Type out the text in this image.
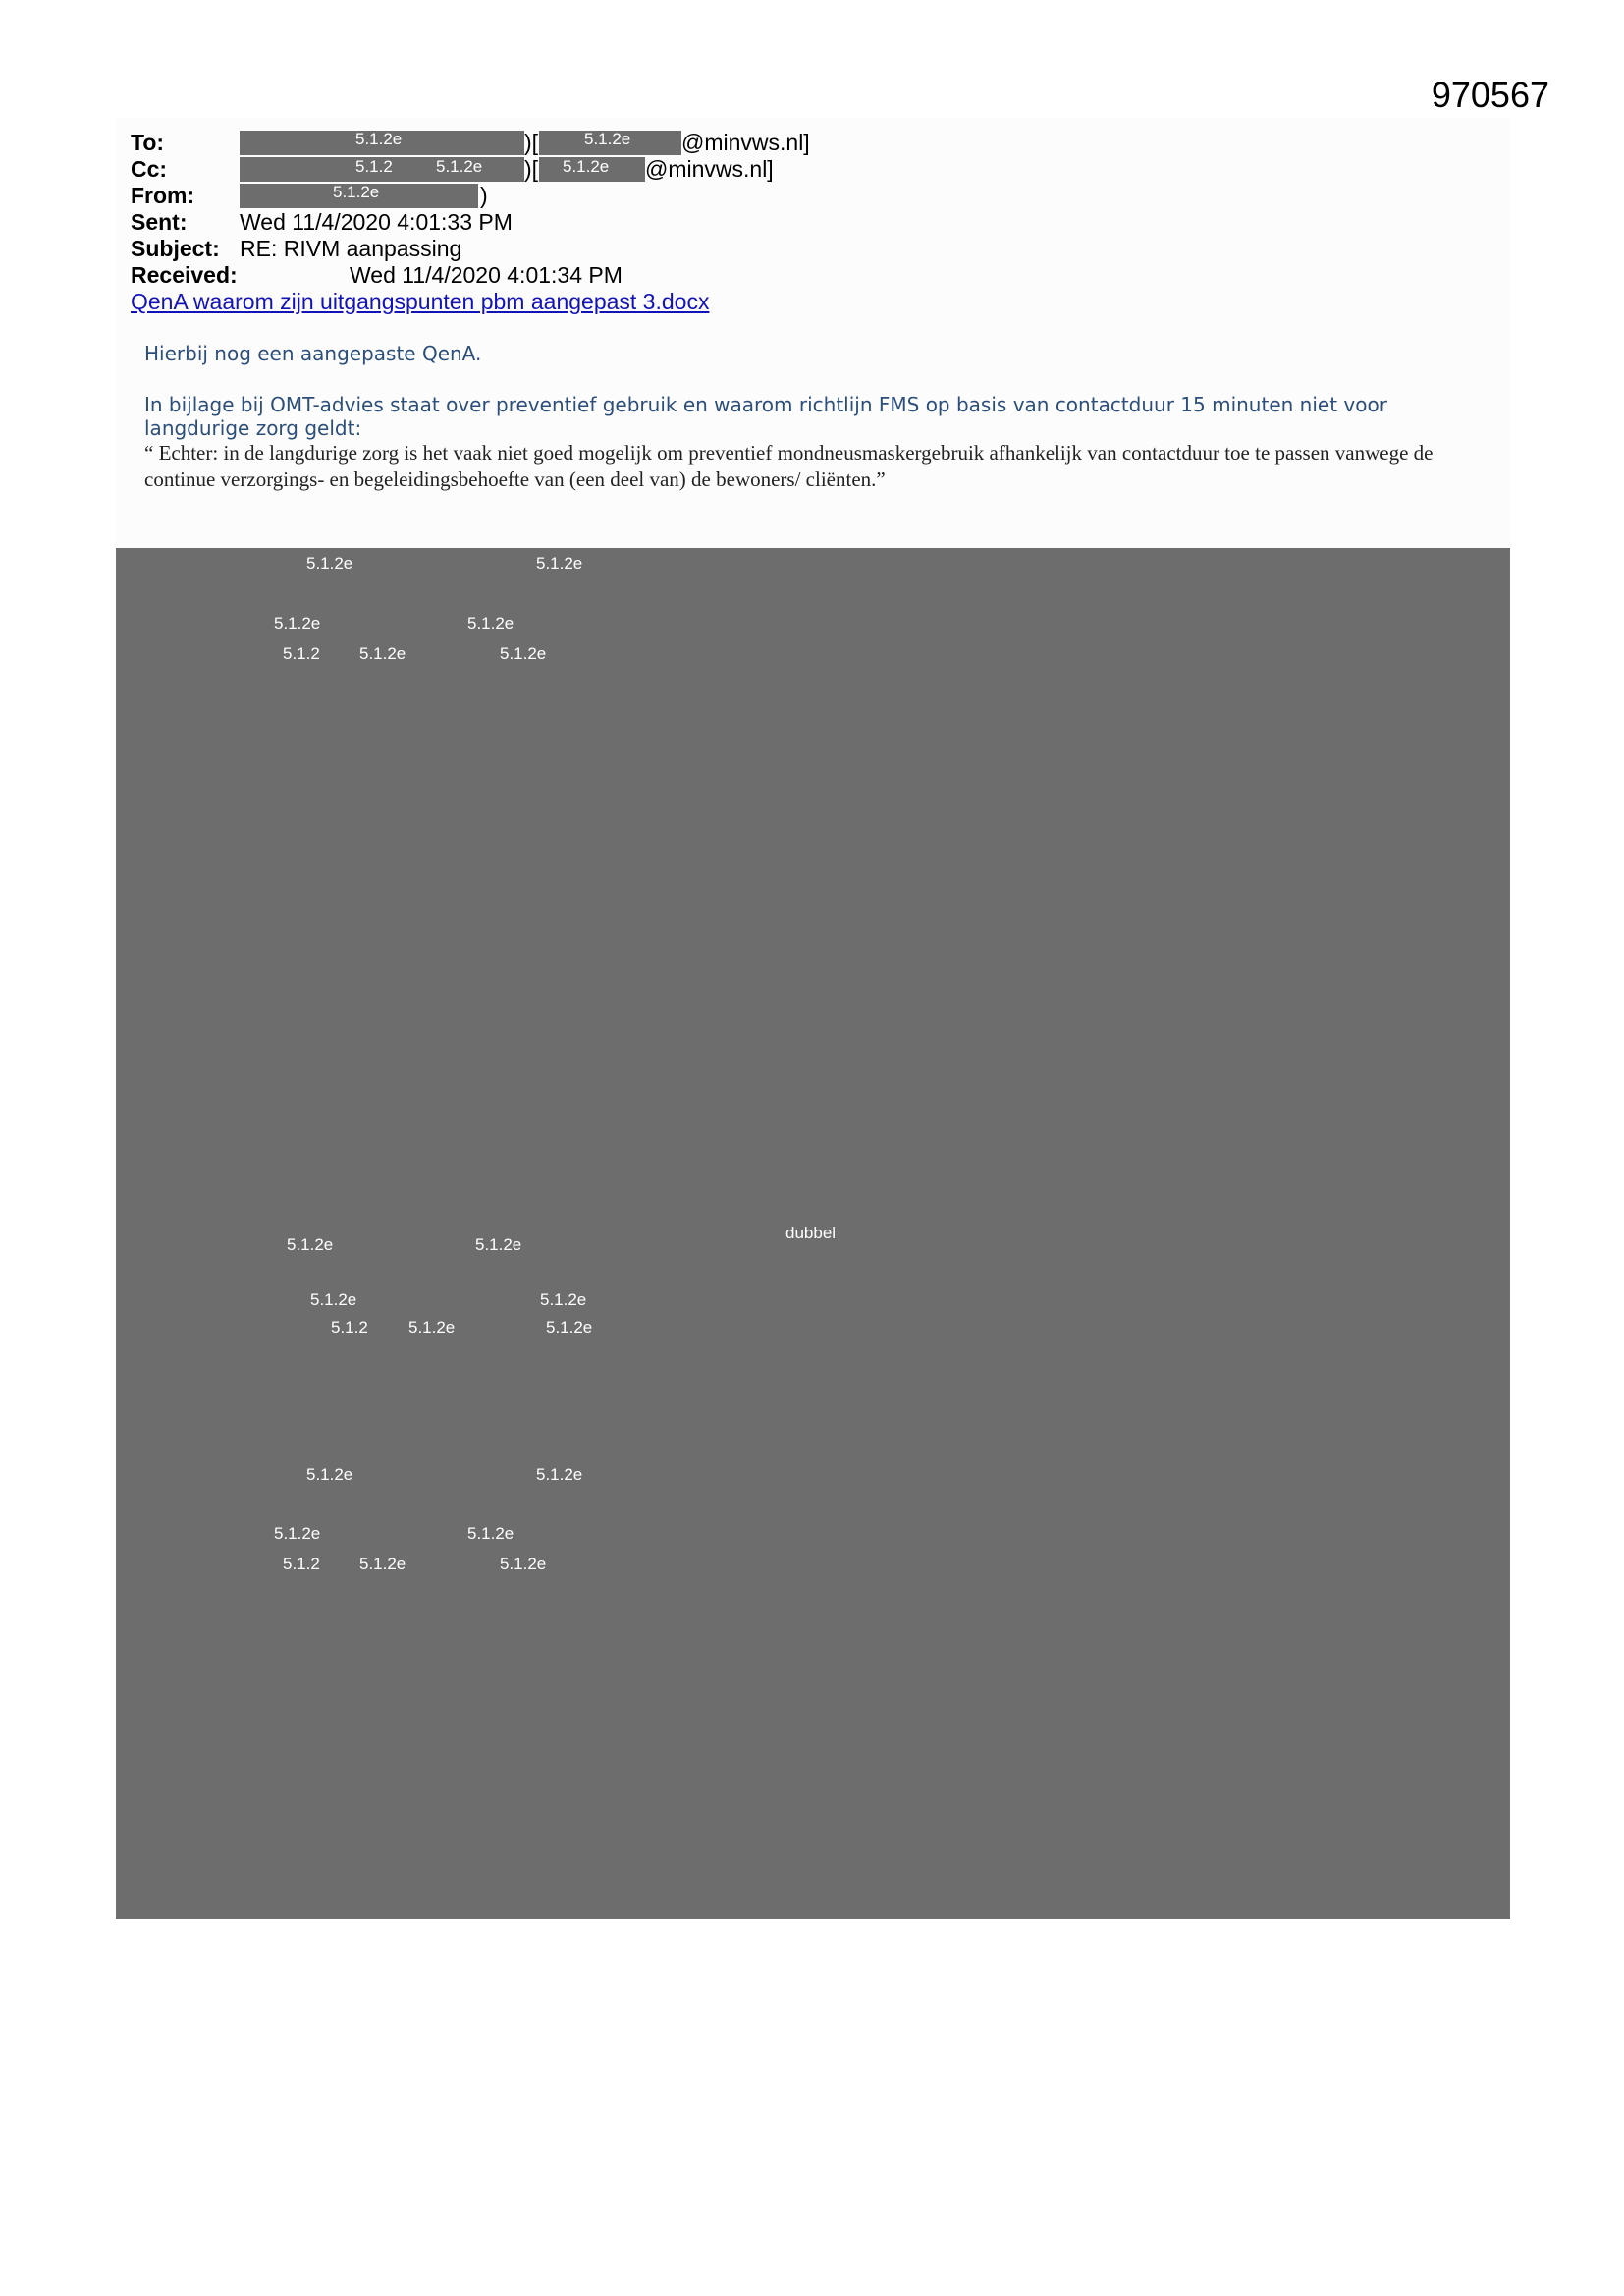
970567
To:	5.1.2e	)[	5.1.2e @minvws.nl]
Cc:	5.1.2	5.1.2e )[ 5.1.2e @minvws.nl]
From:	5.1.2e	)
Sent: Wed 11/4/2020 4:01:33 PM
Subject: RE: RIVM aanpassing
Received:	Wed 11/4/2020 4:01:34 PM
QenA waarom zijn uitgangspunten pbm aangepast 3.docx
Hierbij nog een aangepaste QenA.
In bijlage bij OMT-advies staat over preventief gebruik en waarom richtlijn FMS op basis van contactduur 15 minuten niet voor langdurige zorg geldt:
“ Echter: in de langdurige zorg is het vaak niet goed mogelijk om preventief mondneusmaskergebruik afhankelijk van contactduur toe te passen vanwege de continue verzorgings- en begeleidingsbehoefte van (een deel van) de bewoners/ cliënten.”
5.1.2e	5.1.2e
5.1.2e	5.1.2e
5.1.2 5.1.2e	5.1.2e
dubbel
5.1.2e	5.1.2e
5.1.2e	5.1.2e
5.1.2 5.1.2e	5.1.2e
5.1.2e	5.1.2e
5.1.2e	5.1.2e
5.1.2 5.1.2e	5.1.2e
